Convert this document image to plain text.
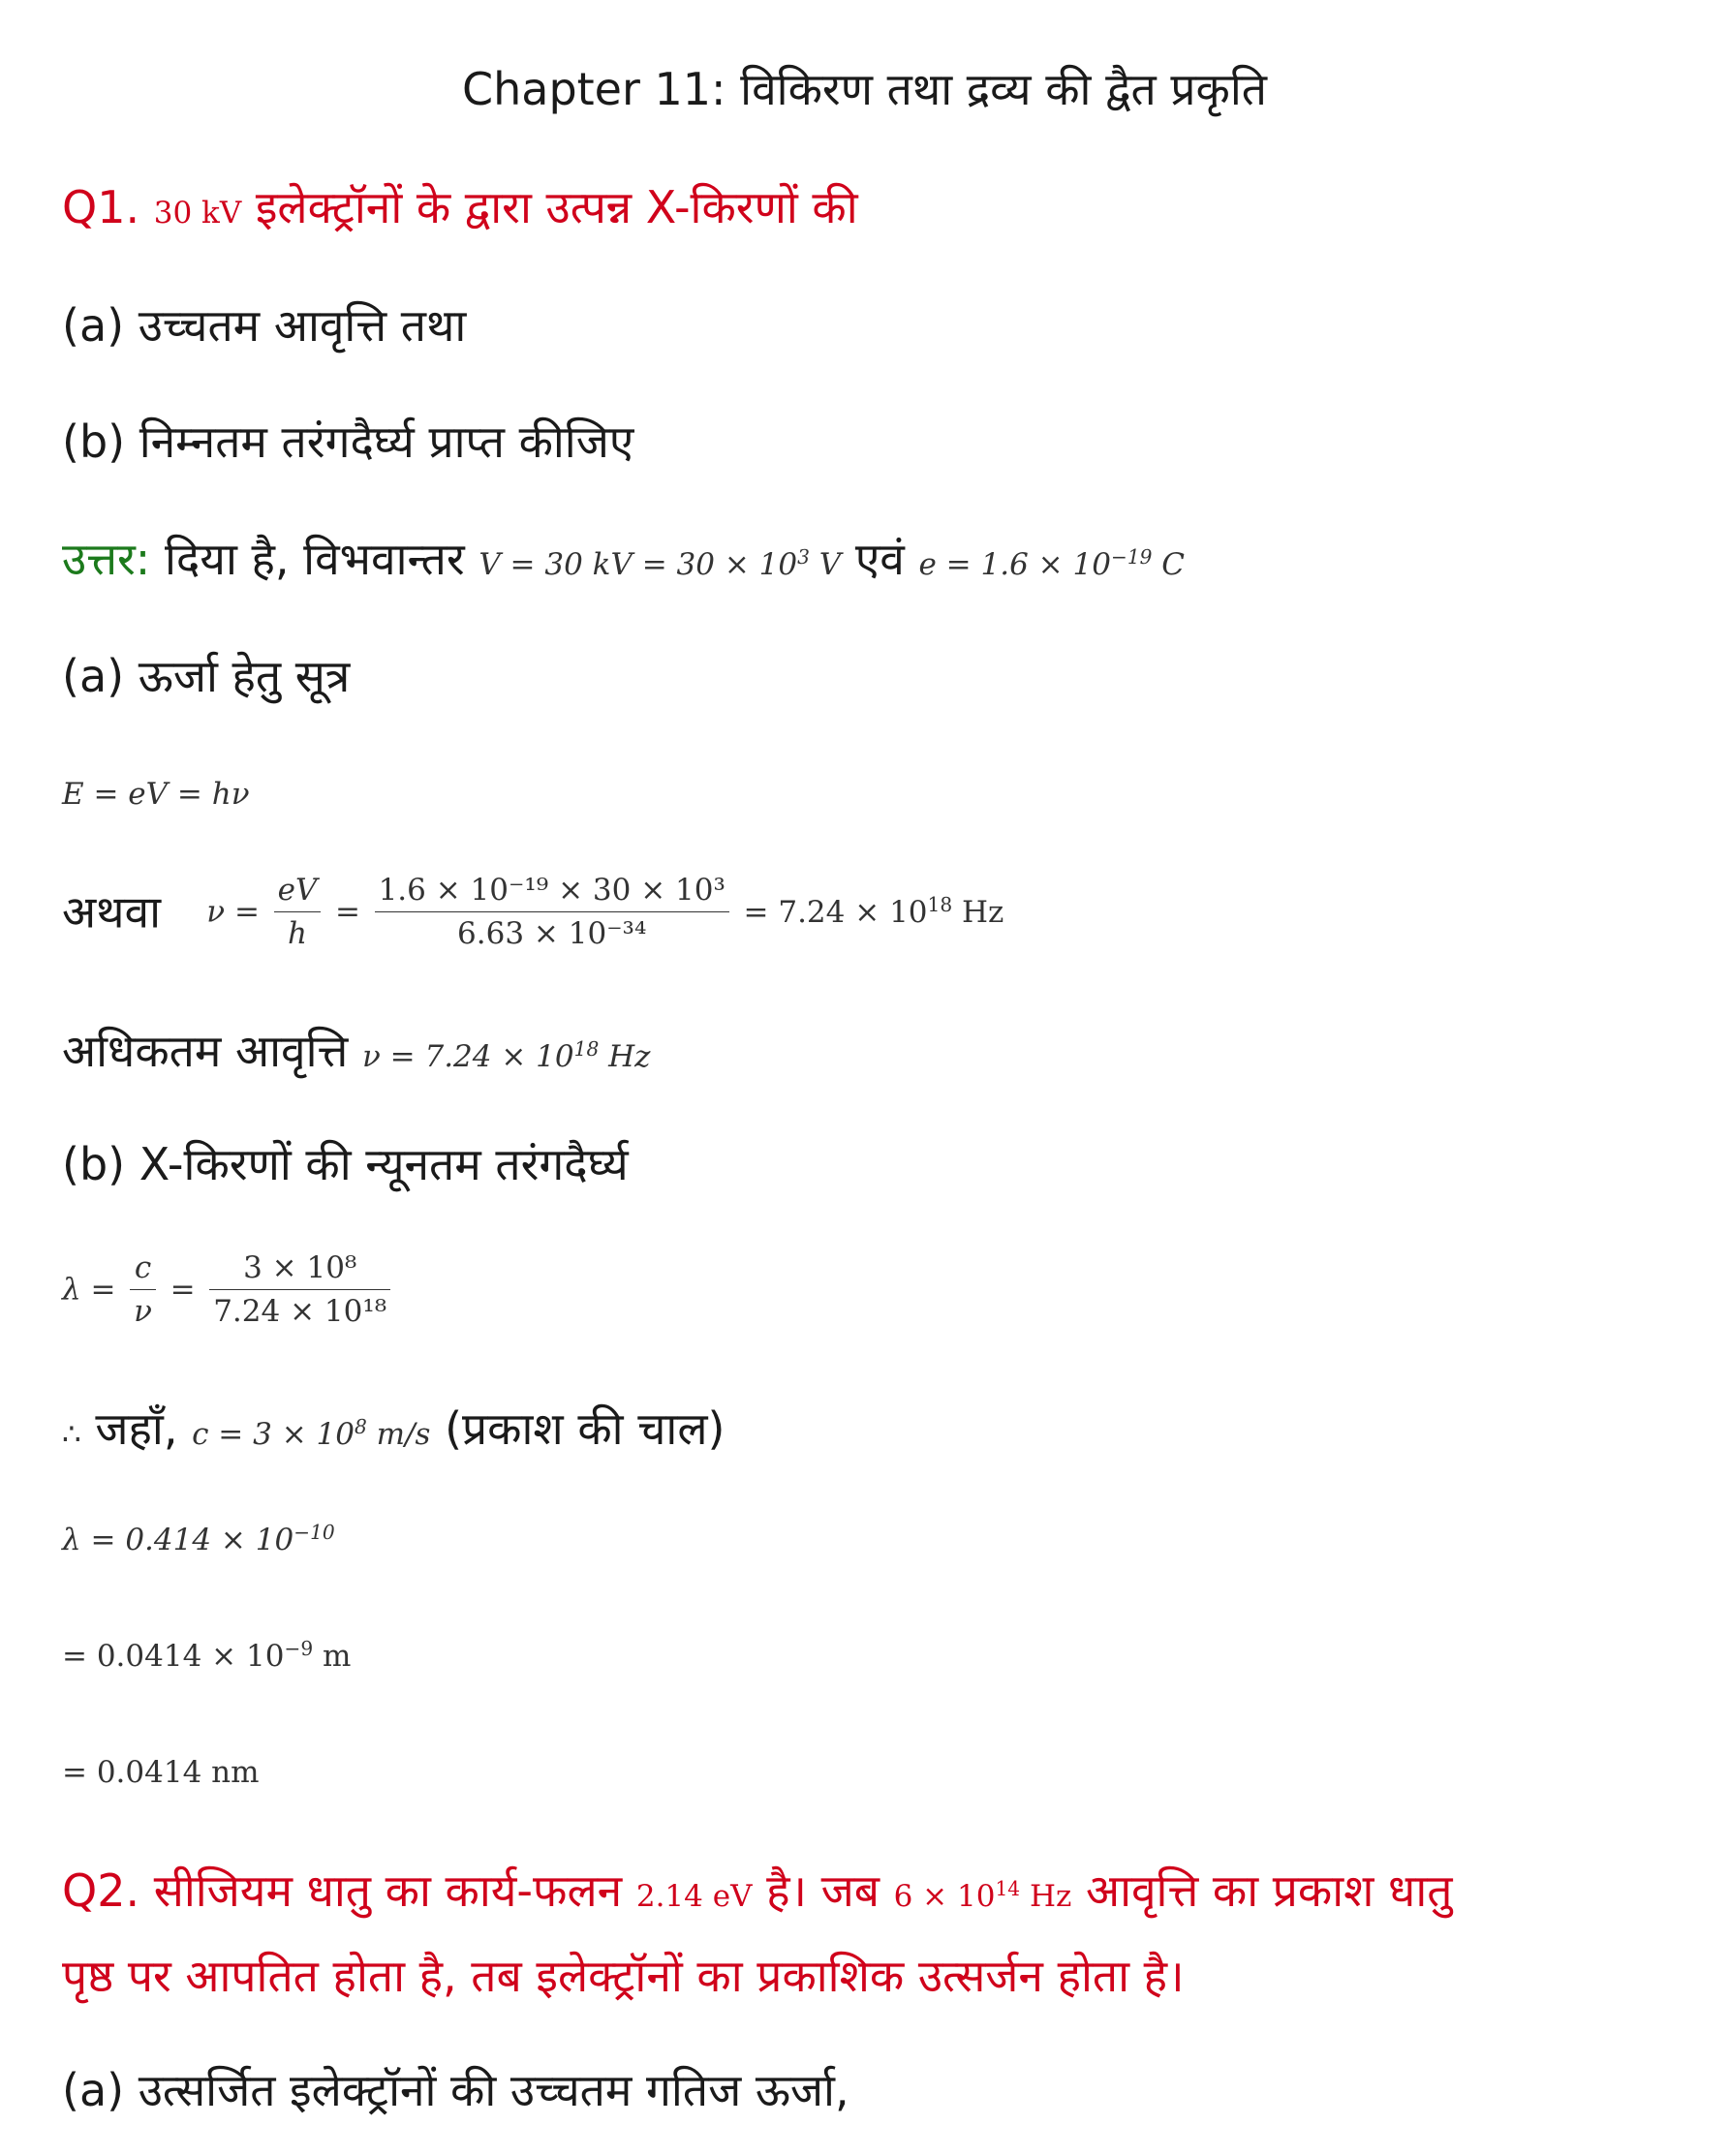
Chapter 11: विकिरण तथा द्रव्य की द्वैत प्रकृति
Q1. 30 kV इलेक्ट्रॉनों के द्वारा उत्पन्न X-किरणों की
(a) उच्चतम आवृत्ति तथा
(b) निम्नतम तरंगदैर्घ्य प्राप्त कीजिए
उत्तर: दिया है, विभवान्तर V = 30 kV = $30 \times 10^3$ V एवं $e = 1.6 \times 10^{-19}$ C
(a) ऊर्जा हेतु सूत्र
E = eV = hν
अथवा $\nu = \frac{eV}{h} = \frac{\text{1.6 × 10⁻¹⁹ × 30 × 10³}}{\text{6.63 × 10⁻³⁴}} = 7.24 \times 10^{18}$ Hz
अधिकतम आवृत्ति $\nu = 7.24 \times 10^{18}$ Hz
(b) X-किरणों की न्यूनतम तरंगदैर्घ्य
$\lambda = \frac{c}{\nu} = \frac{\text{3 × 10⁸}}{\text{7.24 × 10¹⁸}}$
∴ जहाँ, $c = 3 \times 10^8$ m/s (प्रकाश की चाल)
$\lambda = 0.414 \times 10^{-10}$
= $0.0414 \times 10^{-9}$ m
= 0.0414 nm
Q2. सीजियम धातु का कार्य-फलन 2.14 eV है। जब $6 \times 10^{14}$ Hz आवृत्ति का प्रकाश धातु
पृष्ठ पर आपतित होता है, तब इलेक्ट्रॉनों का प्रकाशिक उत्सर्जन होता है।
(a) उत्सर्जित इलेक्ट्रॉनों की उच्चतम गतिज ऊर्जा,
